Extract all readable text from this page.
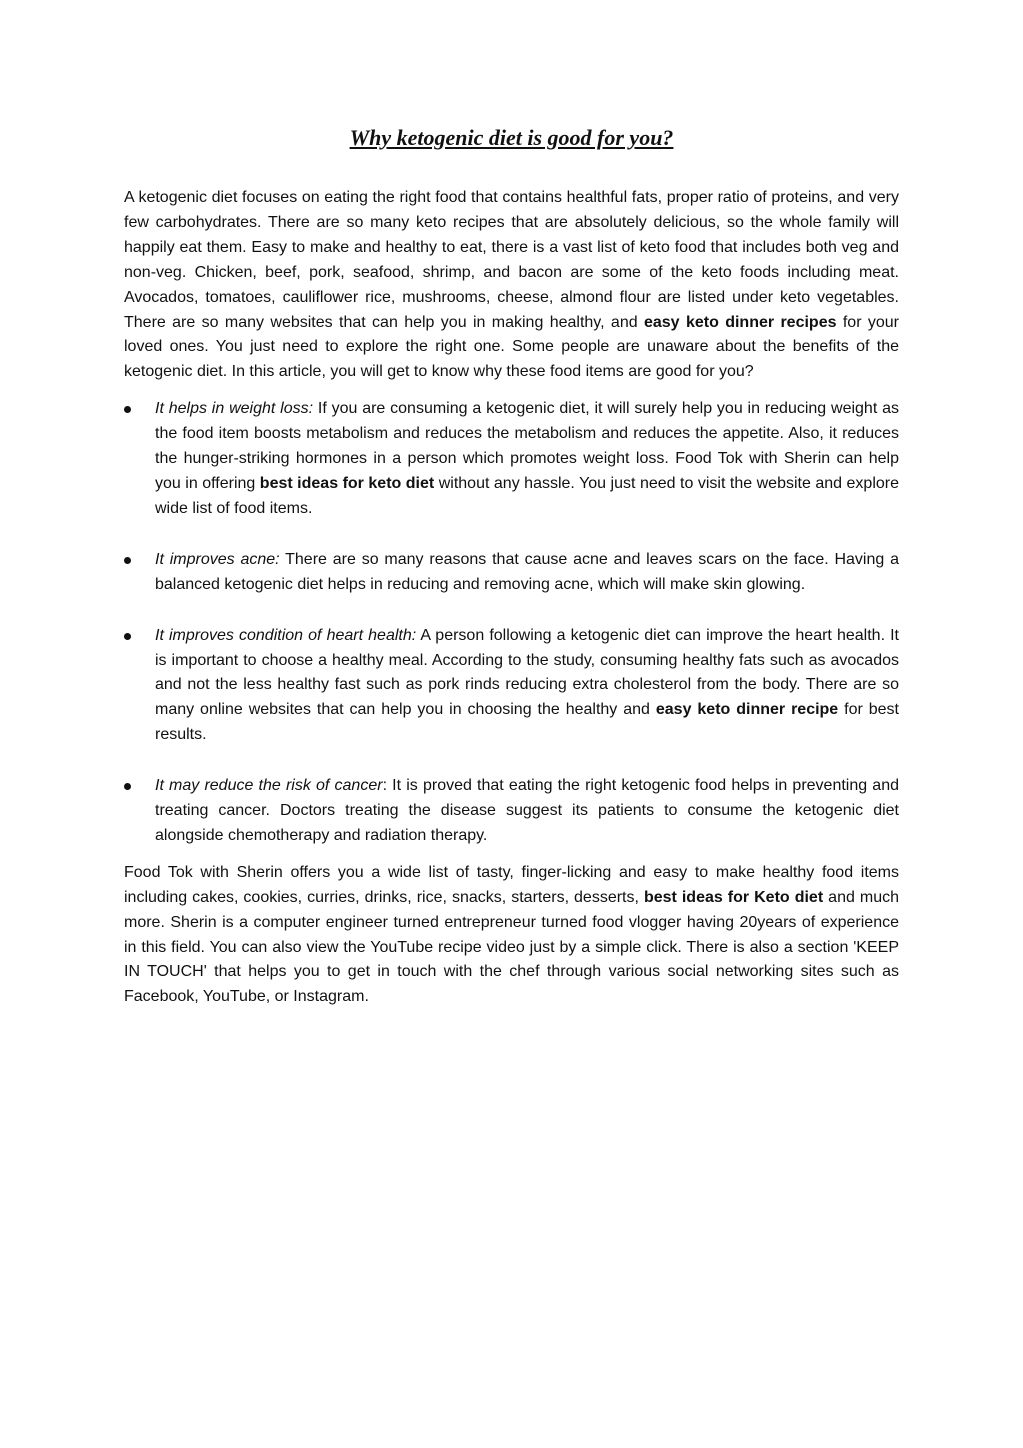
Why ketogenic diet is good for you?

A ketogenic diet focuses on eating the right food that contains healthful fats, proper ratio of proteins, and very few carbohydrates. There are so many keto recipes that are absolutely delicious, so the whole family will happily eat them. Easy to make and healthy to eat, there is a vast list of keto food that includes both veg and non-veg. Chicken, beef, pork, seafood, shrimp, and bacon are some of the keto foods including meat. Avocados, tomatoes, cauliflower rice, mushrooms, cheese, almond flour are listed under keto vegetables. There are so many websites that can help you in making healthy, and easy keto dinner recipes for your loved ones. You just need to explore the right one. Some people are unaware about the benefits of the ketogenic diet. In this article, you will get to know why these food items are good for you?

It helps in weight loss: If you are consuming a ketogenic diet, it will surely help you in reducing weight as the food item boosts metabolism and reduces the metabolism and reduces the appetite. Also, it reduces the hunger-striking hormones in a person which promotes weight loss. Food Tok with Sherin can help you in offering best ideas for keto diet without any hassle. You just need to visit the website and explore wide list of food items.
It improves acne: There are so many reasons that cause acne and leaves scars on the face. Having a balanced ketogenic diet helps in reducing and removing acne, which will make skin glowing.
It improves condition of heart health: A person following a ketogenic diet can improve the heart health. It is important to choose a healthy meal. According to the study, consuming healthy fats such as avocados and not the less healthy fast such as pork rinds reducing extra cholesterol from the body. There are so many online websites that can help you in choosing the healthy and easy keto dinner recipe for best results.
It may reduce the risk of cancer: It is proved that eating the right ketogenic food helps in preventing and treating cancer. Doctors treating the disease suggest its patients to consume the ketogenic diet alongside chemotherapy and radiation therapy.

Food Tok with Sherin offers you a wide list of tasty, finger-licking and easy to make healthy food items including cakes, cookies, curries, drinks, rice, snacks, starters, desserts, best ideas for Keto diet and much more. Sherin is a computer engineer turned entrepreneur turned food vlogger having 20years of experience in this field. You can also view the YouTube recipe video just by a simple click. There is also a section 'KEEP IN TOUCH' that helps you to get in touch with the chef through various social networking sites such as Facebook, YouTube, or Instagram.
